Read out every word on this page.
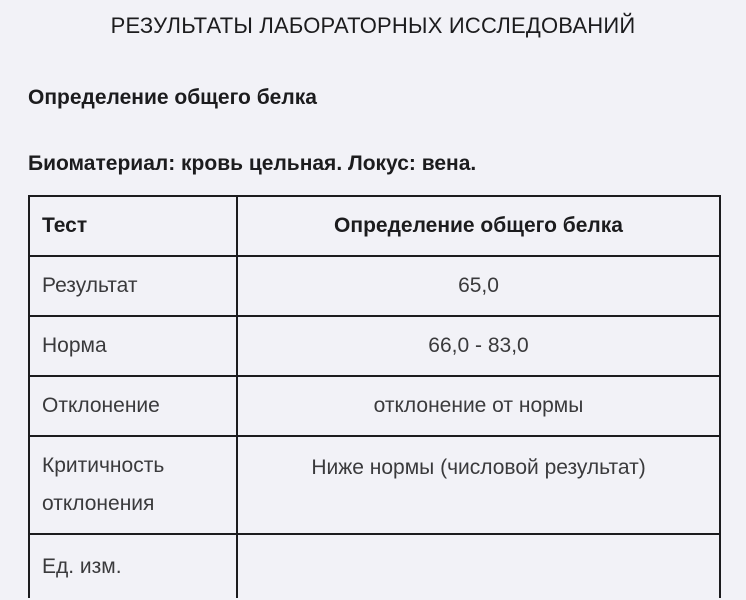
РЕЗУЛЬТАТЫ ЛАБОРАТОРНЫХ ИССЛЕДОВАНИЙ
Определение общего белка
Биоматериал: кровь цельная. Локус: вена.
Тест	Определение общего белка
Результат	65,0
Норма	66,0 - 83,0
Отклонение	отклонение от нормы
Критичность отклонения	Ниже нормы (числовой результат)
Ед. изм.	
